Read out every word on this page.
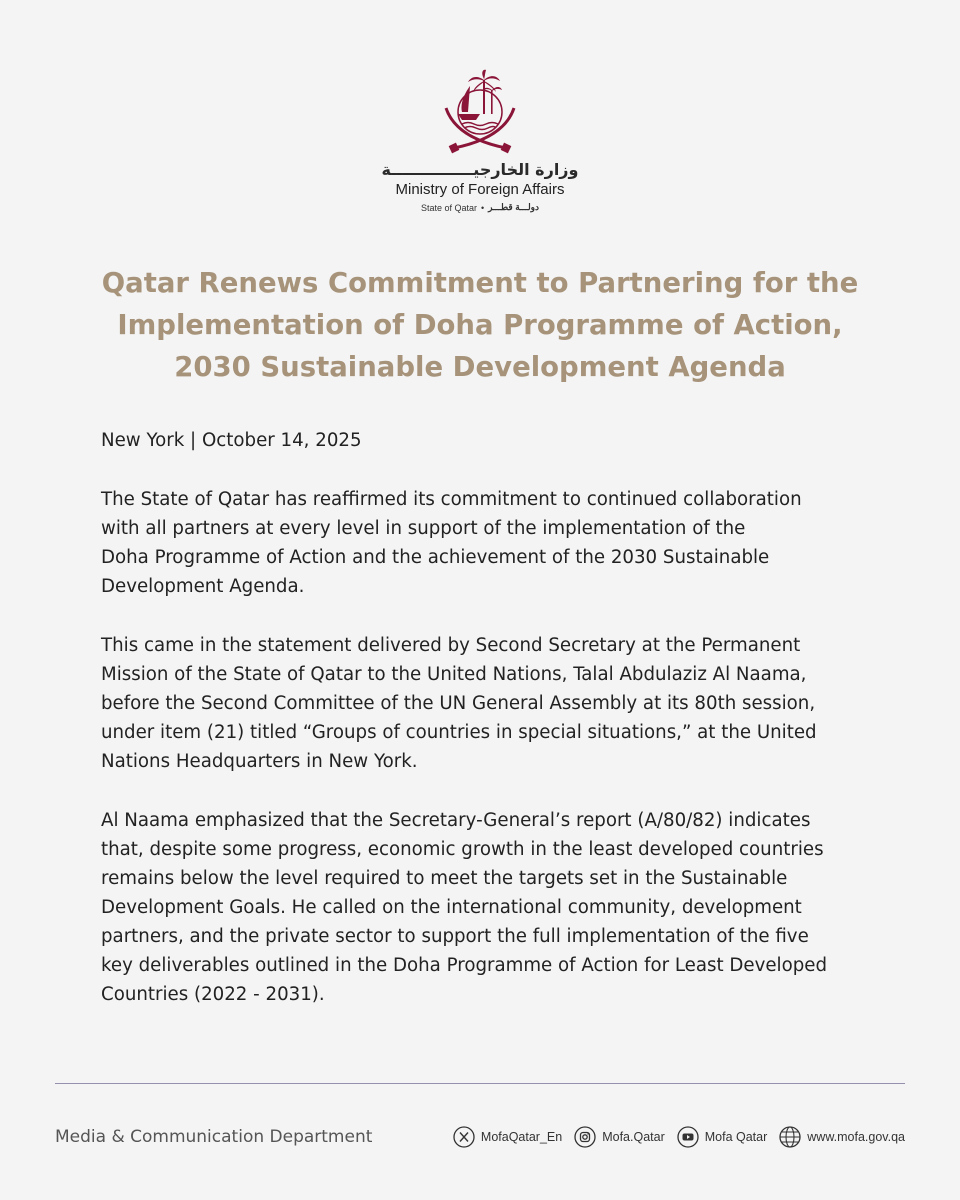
وزارة الخارجيـــــــــــــــة
Ministry of Foreign Affairs
State of Qatar • دولـــة قطـــر
Qatar Renews Commitment to Partnering for the
Implementation of Doha Programme of Action,
2030 Sustainable Development Agenda

New York | October 14, 2025

The State of Qatar has reaffirmed its commitment to continued collaboration
with all partners at every level in support of the implementation of the
Doha Programme of Action and the achievement of the 2030 Sustainable
Development Agenda.

This came in the statement delivered by Second Secretary at the Permanent
Mission of the State of Qatar to the United Nations, Talal Abdulaziz Al Naama,
before the Second Committee of the UN General Assembly at its 80th session,
under item (21) titled “Groups of countries in special situations,” at the United
Nations Headquarters in New York.

Al Naama emphasized that the Secretary-General’s report (A/80/82) indicates
that, despite some progress, economic growth in the least developed countries
remains below the level required to meet the targets set in the Sustainable
Development Goals. He called on the international community, development
partners, and the private sector to support the full implementation of the five
key deliverables outlined in the Doha Programme of Action for Least Developed
Countries (2022 - 2031).

Media & Communication Department	MofaQatar_En	Mofa.Qatar	Mofa Qatar	www.mofa.gov.qa
